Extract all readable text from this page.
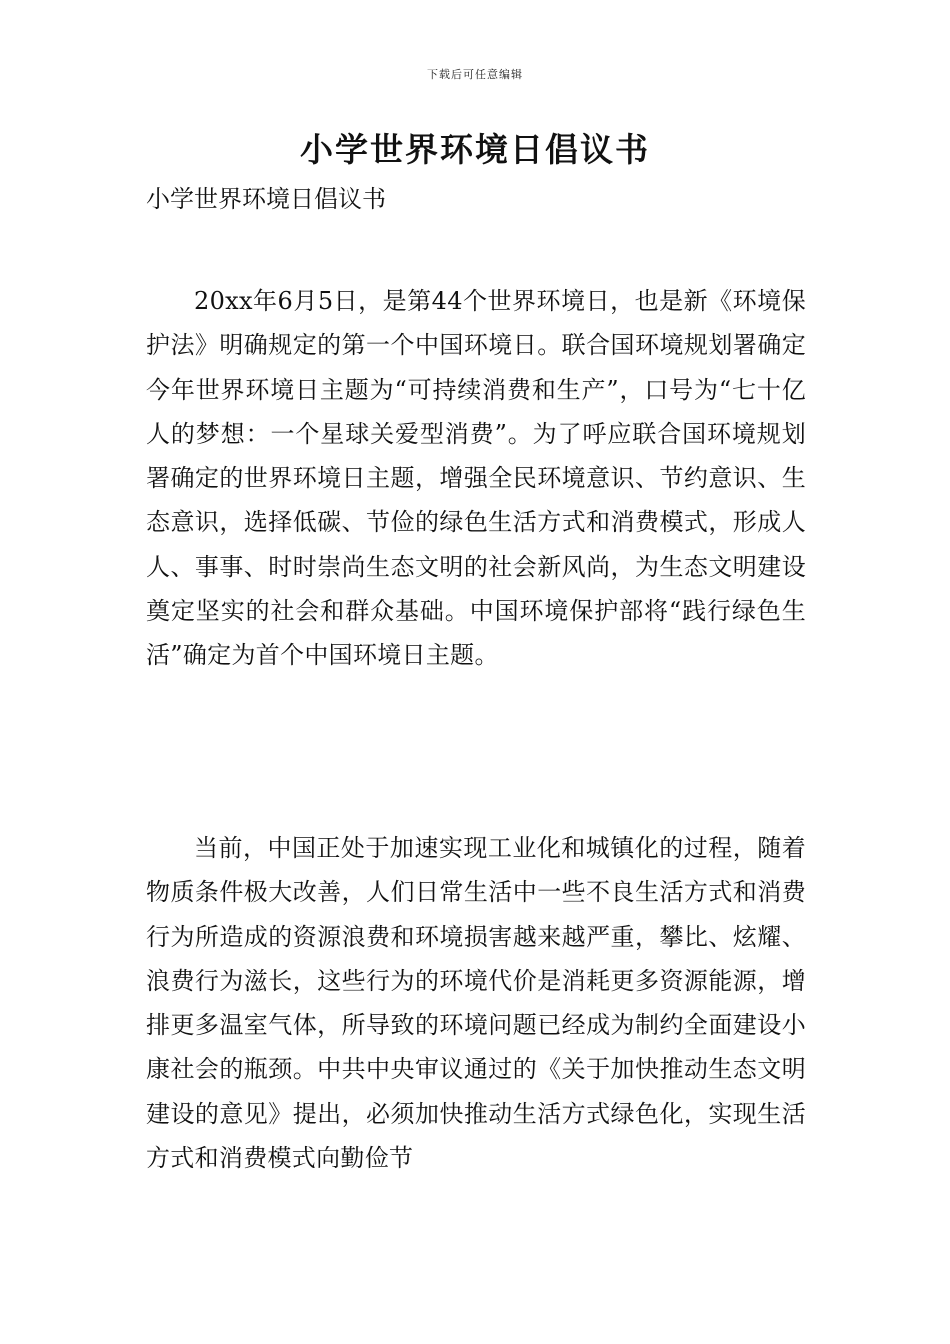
下载后可任意编辑

小学世界环境日倡议书

小学世界环境日倡议书

20xx年6月5日，是第44个世界环境日，也是新《环境保护法》明确规定的第一个中国环境日。联合国环境规划署确定今年世界环境日主题为“可持续消费和生产”，口号为“七十亿人的梦想：一个星球关爱型消费”。为了呼应联合国环境规划署确定的世界环境日主题，增强全民环境意识、节约意识、生态意识，选择低碳、节俭的绿色生活方式和消费模式，形成人人、事事、时时崇尚生态文明的社会新风尚，为生态文明建设奠定坚实的社会和群众基础。中国环境保护部将“践行绿色生活”确定为首个中国环境日主题。

当前，中国正处于加速实现工业化和城镇化的过程，随着物质条件极大改善，人们日常生活中一些不良生活方式和消费行为所造成的资源浪费和环境损害越来越严重，攀比、炫耀、浪费行为滋长，这些行为的环境代价是消耗更多资源能源，增排更多温室气体，所导致的环境问题已经成为制约全面建设小康社会的瓶颈。中共中央审议通过的《关于加快推动生态文明建设的意见》提出，必须加快推动生活方式绿色化，实现生活方式和消费模式向勤俭节
